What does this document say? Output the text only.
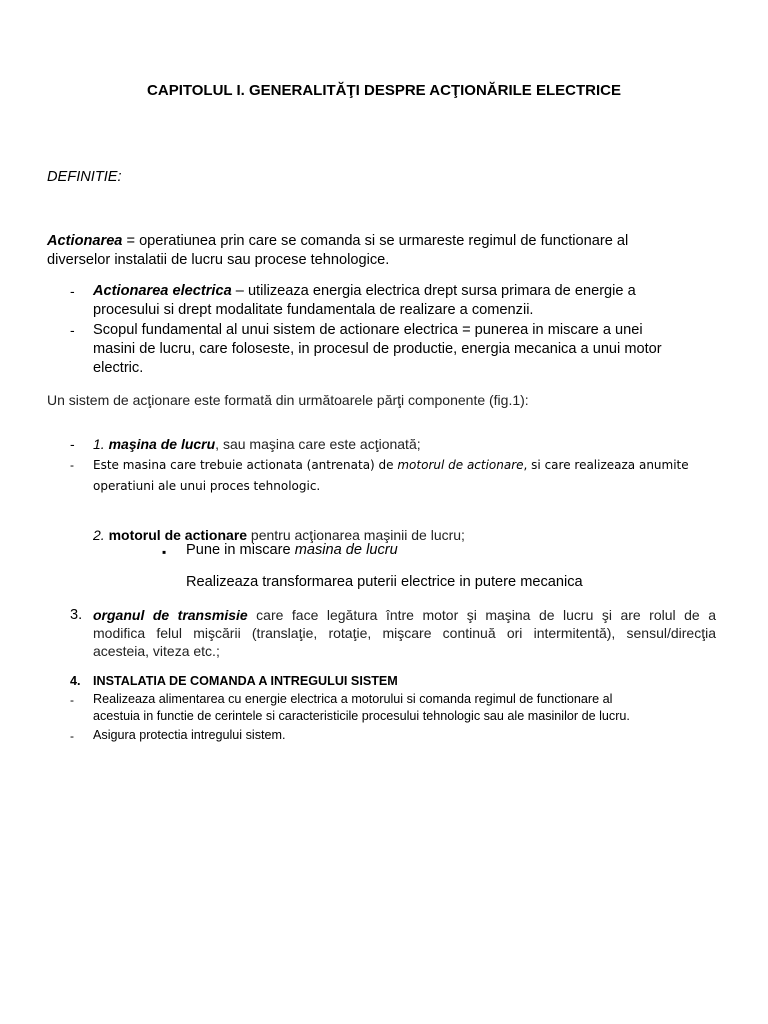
CAPITOLUL I. GENERALITĂŢI DESPRE ACŢIONĂRILE ELECTRICE
DEFINITIE:
Actionarea = operatiunea prin care se comanda si se urmareste regimul de functionare al
diverselor instalatii de lucru sau procese tehnologice.
- Actionarea electrica – utilizeaza energia electrica drept sursa primara de energie a
procesului si drept modalitate fundamentala de realizare a comenzii.
- Scopul fundamental al unui sistem de actionare electrica = punerea in miscare a unei
masini de lucru, care foloseste, in procesul de productie, energia mecanica a unui motor
electric.
Un sistem de acţionare este formată din următoarele părţi componente (fig.1):
- 1. maşina de lucru, sau maşina care este acţionată;
- Este masina care trebuie actionata (antrenata) de motorul de actionare, si care realizeaza anumite
operatiuni ale unui proces tehnologic.
2. motorul de actionare pentru acţionarea maşinii de lucru;
▪ Pune in miscare masina de lucru
Realizeaza transformarea puterii electrice in putere mecanica
3. organul de transmisie care face legătura între motor şi maşina de lucru şi are rolul de a
modifica felul mişcării (translaţie, rotaţie, mişcare continuă ori intermitentă), sensul/direcţia
acesteia, viteza etc.;
4. INSTALATIA DE COMANDA A INTREGULUI SISTEM
- Realizeaza alimentarea cu energie electrica a motorului si comanda regimul de functionare al
acestuia in functie de cerintele si caracteristicile procesului tehnologic sau ale masinilor de lucru.
- Asigura protectia intregului sistem.
